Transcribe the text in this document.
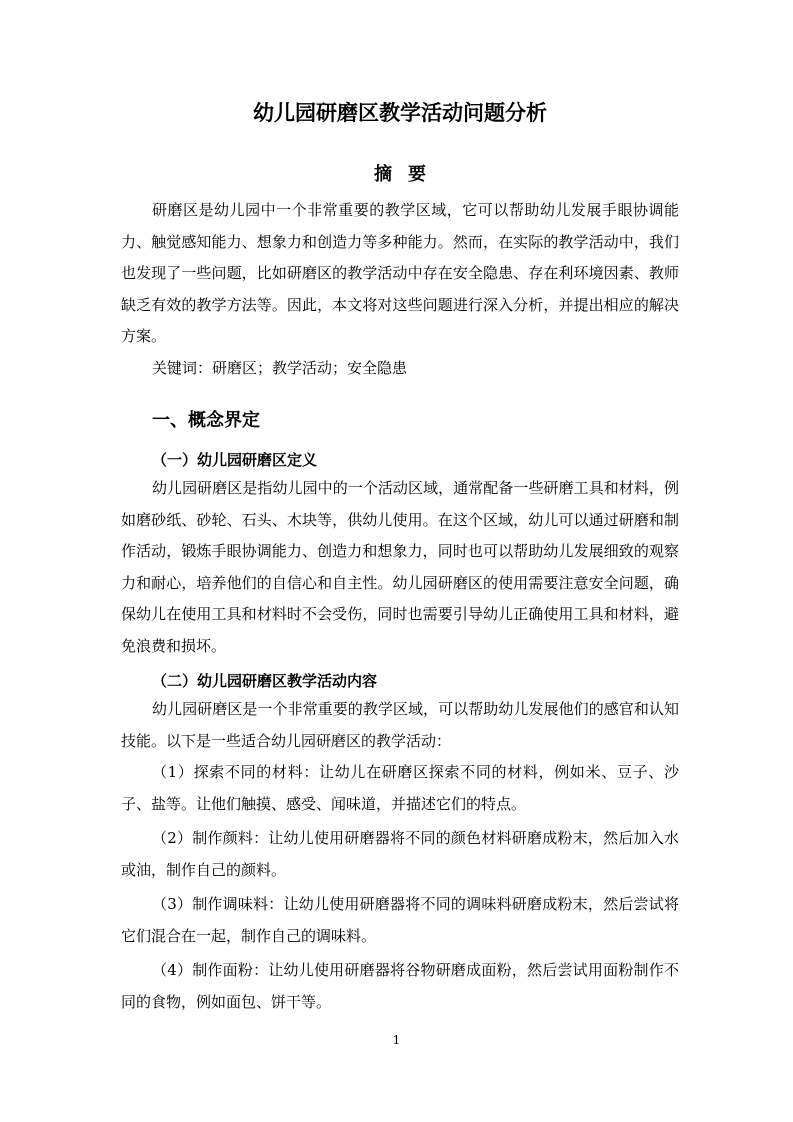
幼儿园研磨区教学活动问题分析
摘要

研磨区是幼儿园中一个非常重要的教学区域，它可以帮助幼儿发展手眼协调能力、触觉感知能力、想象力和创造力等多种能力。然而，在实际的教学活动中，我们也发现了一些问题，比如研磨区的教学活动中存在安全隐患、存在利环境因素、教师缺乏有效的教学方法等。因此，本文将对这些问题进行深入分析，并提出相应的解决方案。

关键词：研磨区；教学活动；安全隐患

一、概念界定
（一）幼儿园研磨区定义

幼儿园研磨区是指幼儿园中的一个活动区域，通常配备一些研磨工具和材料，例如磨砂纸、砂轮、石头、木块等，供幼儿使用。在这个区域，幼儿可以通过研磨和制作活动，锻炼手眼协调能力、创造力和想象力，同时也可以帮助幼儿发展细致的观察力和耐心，培养他们的自信心和自主性。幼儿园研磨区的使用需要注意安全问题，确保幼儿在使用工具和材料时不会受伤，同时也需要引导幼儿正确使用工具和材料，避免浪费和损坏。

（二）幼儿园研磨区教学活动内容

幼儿园研磨区是一个非常重要的教学区域，可以帮助幼儿发展他们的感官和认知技能。以下是一些适合幼儿园研磨区的教学活动：

（1）探索不同的材料：让幼儿在研磨区探索不同的材料，例如米、豆子、沙子、盐等。让他们触摸、感受、闻味道，并描述它们的特点。

（2）制作颜料：让幼儿使用研磨器将不同的颜色材料研磨成粉末，然后加入水或油，制作自己的颜料。

（3）制作调味料：让幼儿使用研磨器将不同的调味料研磨成粉末，然后尝试将它们混合在一起，制作自己的调味料。

（4）制作面粉：让幼儿使用研磨器将谷物研磨成面粉，然后尝试用面粉制作不同的食物，例如面包、饼干等。

1
